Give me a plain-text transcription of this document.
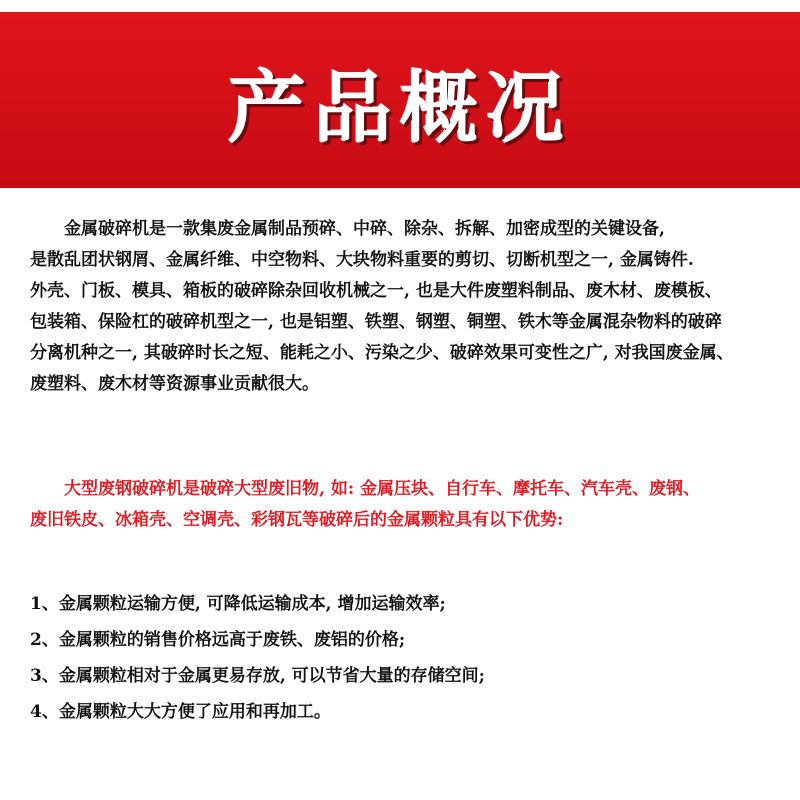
产品概况
金属破碎机是一款集废金属制品预碎、中碎、除杂、拆解、加密成型的关键设备,
是散乱团状钢屑、金属纤维、中空物料、大块物料重要的剪切、切断机型之一, 金属铸件.
外壳、门板、模具、箱板的破碎除杂回收机械之一, 也是大件废塑料制品、废木材、废模板、
包装箱、保险杠的破碎机型之一, 也是铝塑、铁塑、钢塑、铜塑、铁木等金属混杂物料的破碎
分离机种之一, 其破碎时长之短、能耗之小、污染之少、破碎效果可变性之广, 对我国废金属、
废塑料、废木材等资源事业贡献很大。
大型废钢破碎机是破碎大型废旧物, 如: 金属压块、自行车、摩托车、汽车壳、废钢、
废旧铁皮、冰箱壳、空调壳、彩钢瓦等破碎后的金属颗粒具有以下优势:
1、金属颗粒运输方便, 可降低运输成本, 增加运输效率;
2、金属颗粒的销售价格远高于废铁、废铝的价格;
3、金属颗粒相对于金属更易存放, 可以节省大量的存储空间;
4、金属颗粒大大方便了应用和再加工。
